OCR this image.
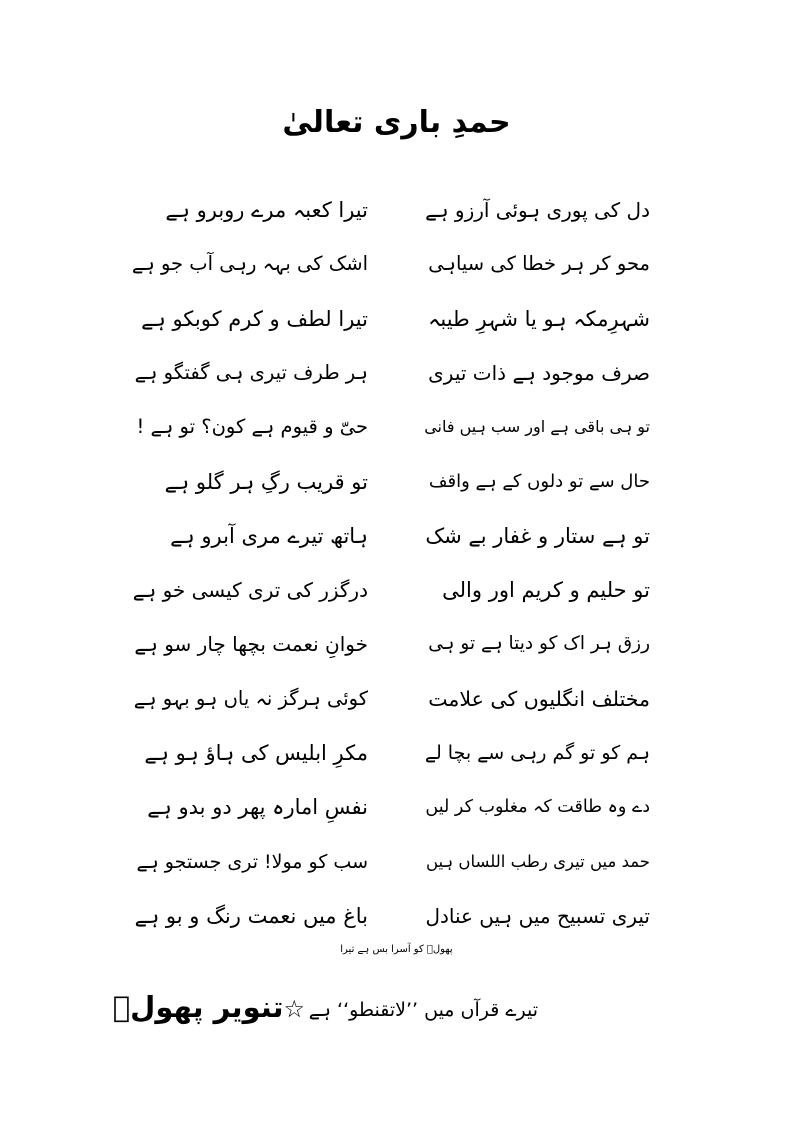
حمدِ باری تعالیٰ
دل کی پوری ہوئی آرزو ہے
تیرا کعبہ مرے روبرو ہے
محو کر ہر خطا کی سیاہی
اشک کی بہہ رہی آب جو ہے
شہرِمکہ ہو یا شہرِ طیبہ
تیرا لطف و کرم کوبکو ہے
صرف موجود ہے ذات تیری
ہر طرف تیری ہی گفتگو ہے
تو ہی باقی ہے اور سب ہیں فانی
حیّ و قیوم ہے کون؟ تو ہے !
حال سے تو دلوں کے ہے واقف
تو قریب رگِ ہر گلو ہے
تو ہے ستار و غفار بے شک
ہاتھ تیرے مری آبرو ہے
تو حلیم و کریم اور والی
درگزر کی تری کیسی خو ہے
رزق ہر اک کو دیتا ہے تو ہی
خوانِ نعمت بچھا چار سو ہے
مختلف انگلیوں کی علامت
کوئی ہرگز نہ یاں ہو بہو ہے
ہم کو تو گم رہی سے بچا لے
مکرِ ابلیس کی ہاؤ ہو ہے
دے وہ طاقت کہ مغلوب کر لیں
نفسِ امارہ پھر دو بدو ہے
حمد میں تیری رطب اللساں ہیں
سب کو مولا! تری جستجو ہے
تیری تسبیح میں ہیں عنادل
باغ میں نعمت رنگ و بو ہے
پھولؔ کو آسرا بس ہے تیرا
تیرے قرآں میں ’’لاتقنطو‘‘ ہے
☆تنویر پھولؔ
